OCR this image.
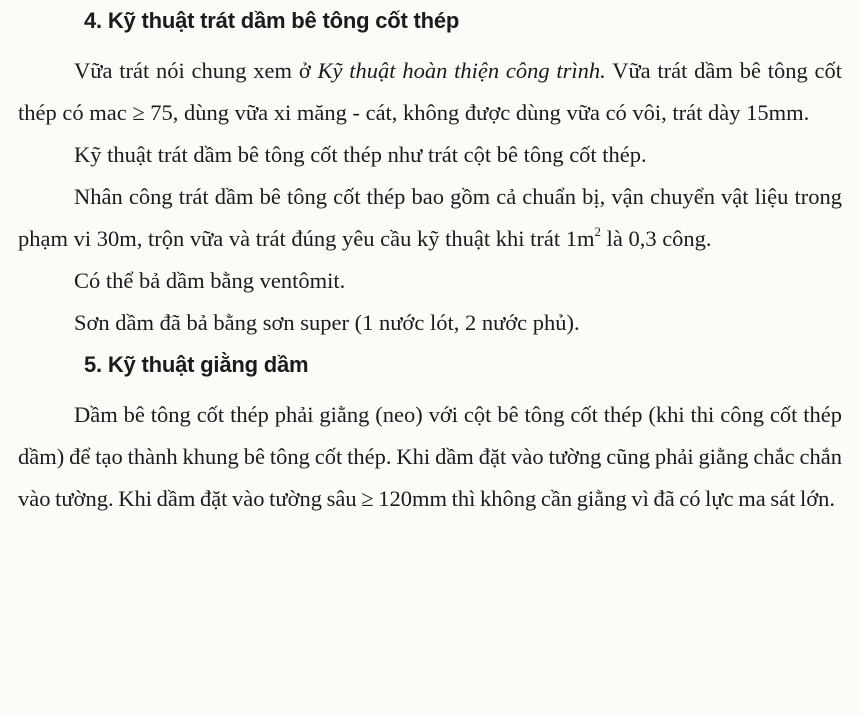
4. Kỹ thuật trát dầm bê tông cốt thép

Vữa trát nói chung xem ở Kỹ thuật hoàn thiện công trình. Vữa trát dầm bê tông cốt thép có mac ≥ 75, dùng vữa xi măng - cát, không được dùng vữa có vôi, trát dày 15mm.

Kỹ thuật trát dầm bê tông cốt thép như trát cột bê tông cốt thép.

Nhân công trát dầm bê tông cốt thép bao gồm cả chuẩn bị, vận chuyển vật liệu trong phạm vi 30m, trộn vữa và trát đúng yêu cầu kỹ thuật khi trát $1m^2$ là 0,3 công.

Có thể bả dầm bằng ventômit.

Sơn dầm đã bả bằng sơn super (1 nước lót, 2 nước phủ).

5. Kỹ thuật giằng dầm

Dầm bê tông cốt thép phải giằng (neo) với cột bê tông cốt thép (khi thi công cốt thép dầm) để tạo thành khung bê tông cốt thép. Khi dầm đặt vào tường cũng phải giằng chắc chắn vào tường. Khi dầm đặt vào tường sâu ≥ 120mm thì không cần giằng vì đã có lực ma sát lớn.
